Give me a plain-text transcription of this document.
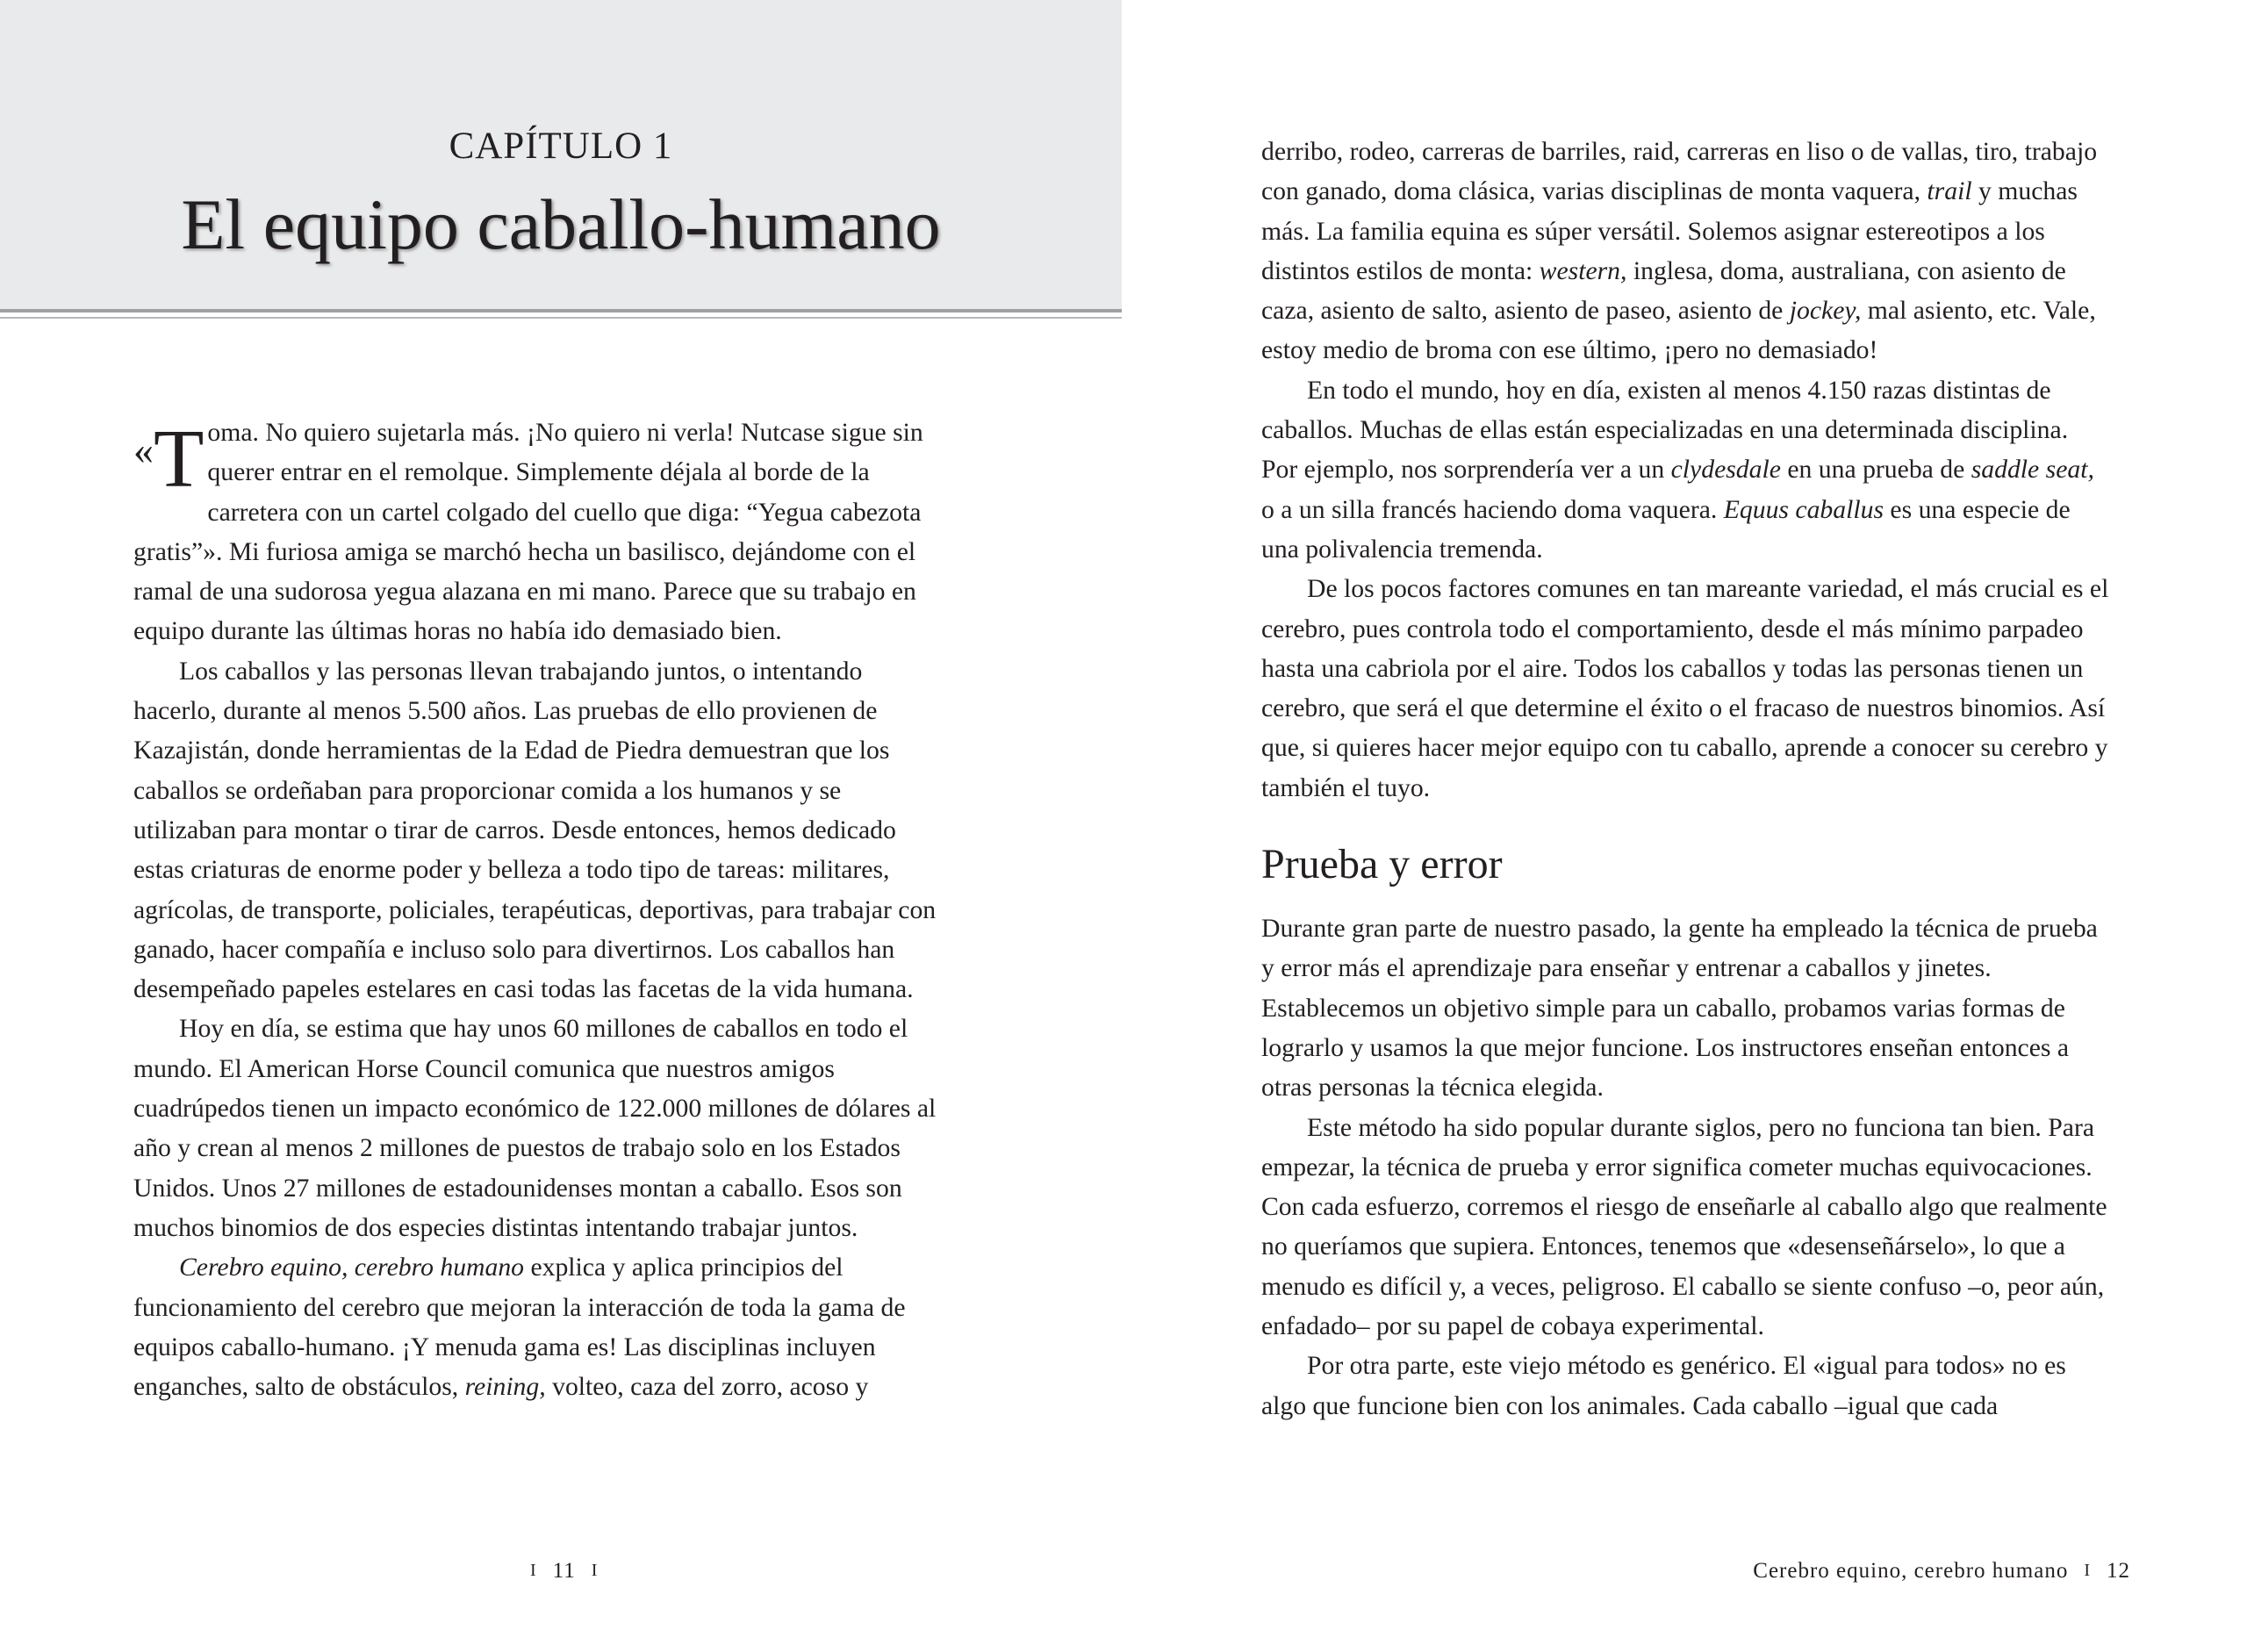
CAPÍTULO 1
El equipo caballo-humano

«T oma. No quiero sujetarla más. ¡No quiero ni verla! Nutcase sigue sin querer entrar en el remolque. Simplemente déjala al borde de la carretera con un cartel colgado del cuello que diga: “Yegua cabezota gratis”». Mi furiosa amiga se marchó hecha un basilisco, dejándome con el ramal de una sudorosa yegua alazana en mi mano. Parece que su trabajo en equipo durante las últimas horas no había ido demasiado bien.

Los caballos y las personas llevan trabajando juntos, o intentando hacerlo, durante al menos 5.500 años. Las pruebas de ello provienen de Kazajistán, donde herramientas de la Edad de Piedra demuestran que los caballos se ordeñaban para proporcionar comida a los humanos y se utilizaban para montar o tirar de carros. Desde entonces, hemos dedicado estas criaturas de enorme poder y belleza a todo tipo de tareas: militares, agrícolas, de transporte, policiales, terapéuticas, deportivas, para trabajar con ganado, hacer compañía e incluso solo para divertirnos. Los caballos han desempeñado papeles estelares en casi todas las facetas de la vida humana.

Hoy en día, se estima que hay unos 60 millones de caballos en todo el mundo. El American Horse Council comunica que nuestros amigos cuadrúpedos tienen un impacto económico de 122.000 millones de dólares al año y crean al menos 2 millones de puestos de trabajo solo en los Estados Unidos. Unos 27 millones de estadounidenses montan a caballo. Esos son muchos binomios de dos especies distintas intentando trabajar juntos.

Cerebro equino, cerebro humano explica y aplica principios del funcionamiento del cerebro que mejoran la interacción de toda la gama de equipos caballo-humano. ¡Y menuda gama es! Las disciplinas incluyen enganches, salto de obstáculos, reining, volteo, caza del zorro, acoso y

I 11 I

derribo, rodeo, carreras de barriles, raid, carreras en liso o de vallas, tiro, trabajo con ganado, doma clásica, varias disciplinas de monta vaquera, trail y muchas más. La familia equina es súper versátil. Solemos asignar estereotipos a los distintos estilos de monta: western, inglesa, doma, australiana, con asiento de caza, asiento de salto, asiento de paseo, asiento de jockey, mal asiento, etc. Vale, estoy medio de broma con ese último, ¡pero no demasiado!

En todo el mundo, hoy en día, existen al menos 4.150 razas distintas de caballos. Muchas de ellas están especializadas en una determinada disciplina. Por ejemplo, nos sorprendería ver a un clydesdale en una prueba de saddle seat, o a un silla francés haciendo doma vaquera. Equus caballus es una especie de una polivalencia tremenda.

De los pocos factores comunes en tan mareante variedad, el más crucial es el cerebro, pues controla todo el comportamiento, desde el más mínimo parpadeo hasta una cabriola por el aire. Todos los caballos y todas las personas tienen un cerebro, que será el que determine el éxito o el fracaso de nuestros binomios. Así que, si quieres hacer mejor equipo con tu caballo, aprende a conocer su cerebro y también el tuyo.

Prueba y error

Durante gran parte de nuestro pasado, la gente ha empleado la técnica de prueba y error más el aprendizaje para enseñar y entrenar a caballos y jinetes. Establecemos un objetivo simple para un caballo, probamos varias formas de lograrlo y usamos la que mejor funcione. Los instructores enseñan entonces a otras personas la técnica elegida.

Este método ha sido popular durante siglos, pero no funciona tan bien. Para empezar, la técnica de prueba y error significa cometer muchas equivocaciones. Con cada esfuerzo, corremos el riesgo de enseñarle al caballo algo que realmente no queríamos que supiera. Entonces, tenemos que «desenseñárselo», lo que a menudo es difícil y, a veces, peligroso. El caballo se siente confuso –o, peor aún, enfadado– por su papel de cobaya experimental.

Por otra parte, este viejo método es genérico. El «igual para todos» no es algo que funcione bien con los animales. Cada caballo –igual que cada

Cerebro equino, cerebro humano I 12
